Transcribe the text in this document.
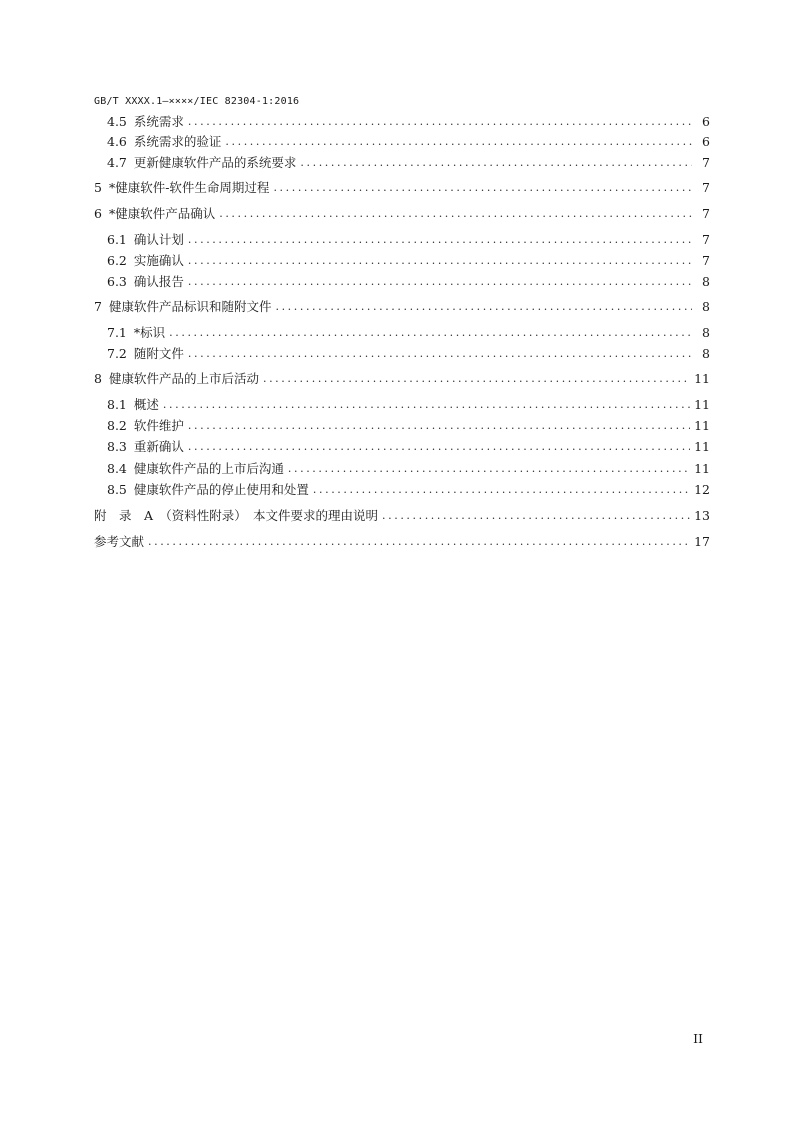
GB/T XXXX.1—××××/IEC 82304-1:2016
4.5 系统需求 .....	6
4.6 系统需求的验证 .....	6
4.7 更新健康软件产品的系统要求 .....	7
5 *健康软件-软件生命周期过程 .....	7
6 *健康软件产品确认 .....	7
6.1 确认计划 .....	7
6.2 实施确认 .....	7
6.3 确认报告 .....	8
7 健康软件产品标识和随附文件 .....	8
7.1 *标识 .....	8
7.2 随附文件 .....	8
8 健康软件产品的上市后活动 .....	11
8.1 概述 .....	11
8.2 软件维护 .....	11
8.3 重新确认 .....	11
8.4 健康软件产品的上市后沟通 .....	11
8.5 健康软件产品的停止使用和处置 .....	12
附　录　A　（资料性附录）　本文件要求的理由说明 .....	13
参考文献 .....	17
II
